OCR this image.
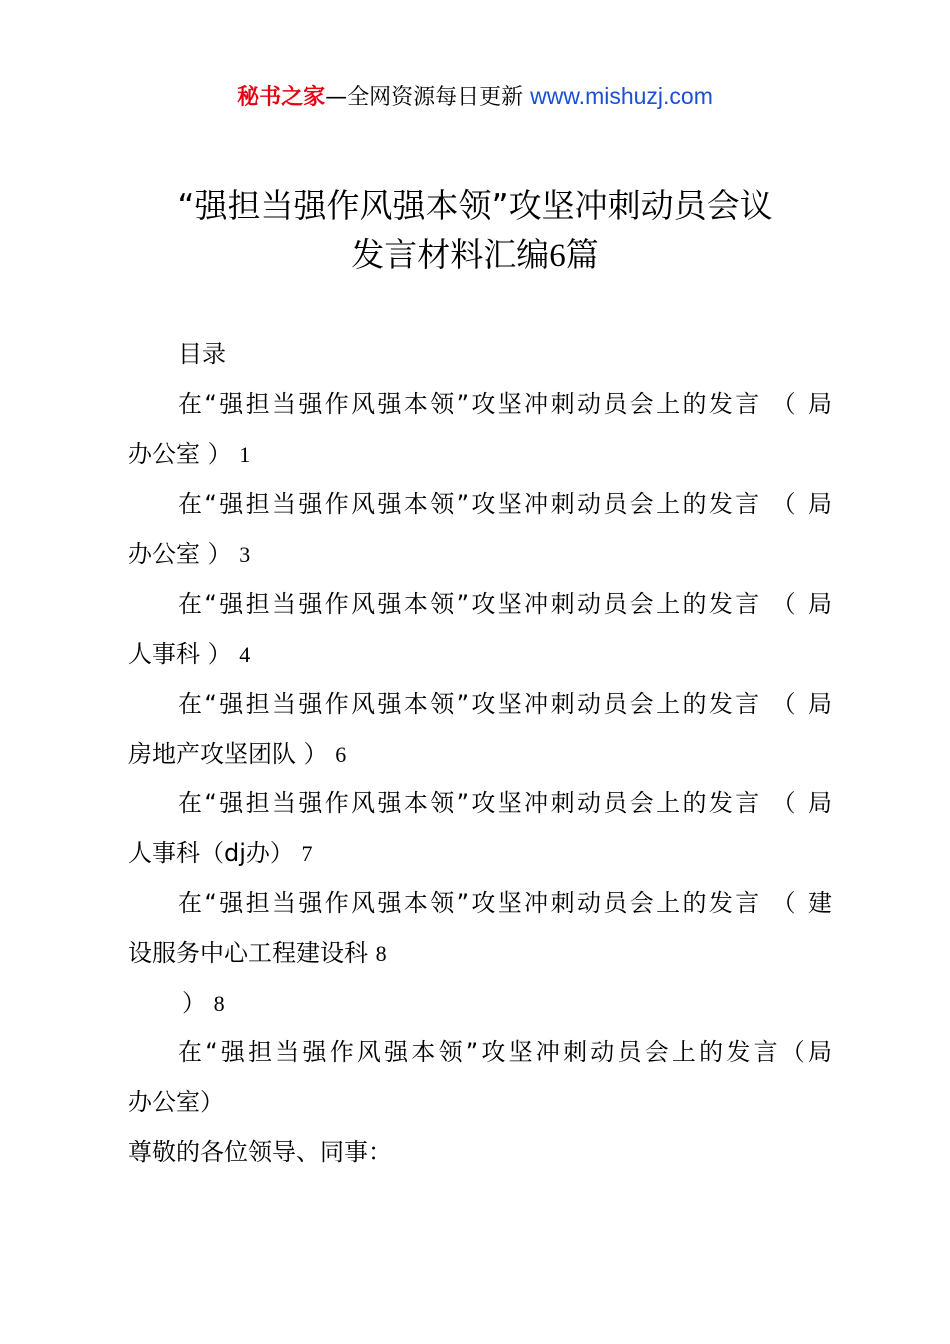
秘书之家—全网资源每日更新 www.mishuzj.com
“强担当强作风强本领”攻坚冲刺动员会议
发言材料汇编6篇
目录
在“强担当强作风强本领”攻坚冲刺动员会上的发言 （ 局
办公室 ） 1
在“强担当强作风强本领”攻坚冲刺动员会上的发言 （ 局
办公室 ） 3
在“强担当强作风强本领”攻坚冲刺动员会上的发言 （ 局
人事科 ） 4
在“强担当强作风强本领”攻坚冲刺动员会上的发言 （ 局
房地产攻坚团队 ） 6
在“强担当强作风强本领”攻坚冲刺动员会上的发言 （ 局
人事科（dj办） 7
在“强担当强作风强本领”攻坚冲刺动员会上的发言 （ 建
设服务中心工程建设科 8
） 8
在“强担当强作风强本领”攻坚冲刺动员会上的发言（局
办公室）
尊敬的各位领导、同事：
